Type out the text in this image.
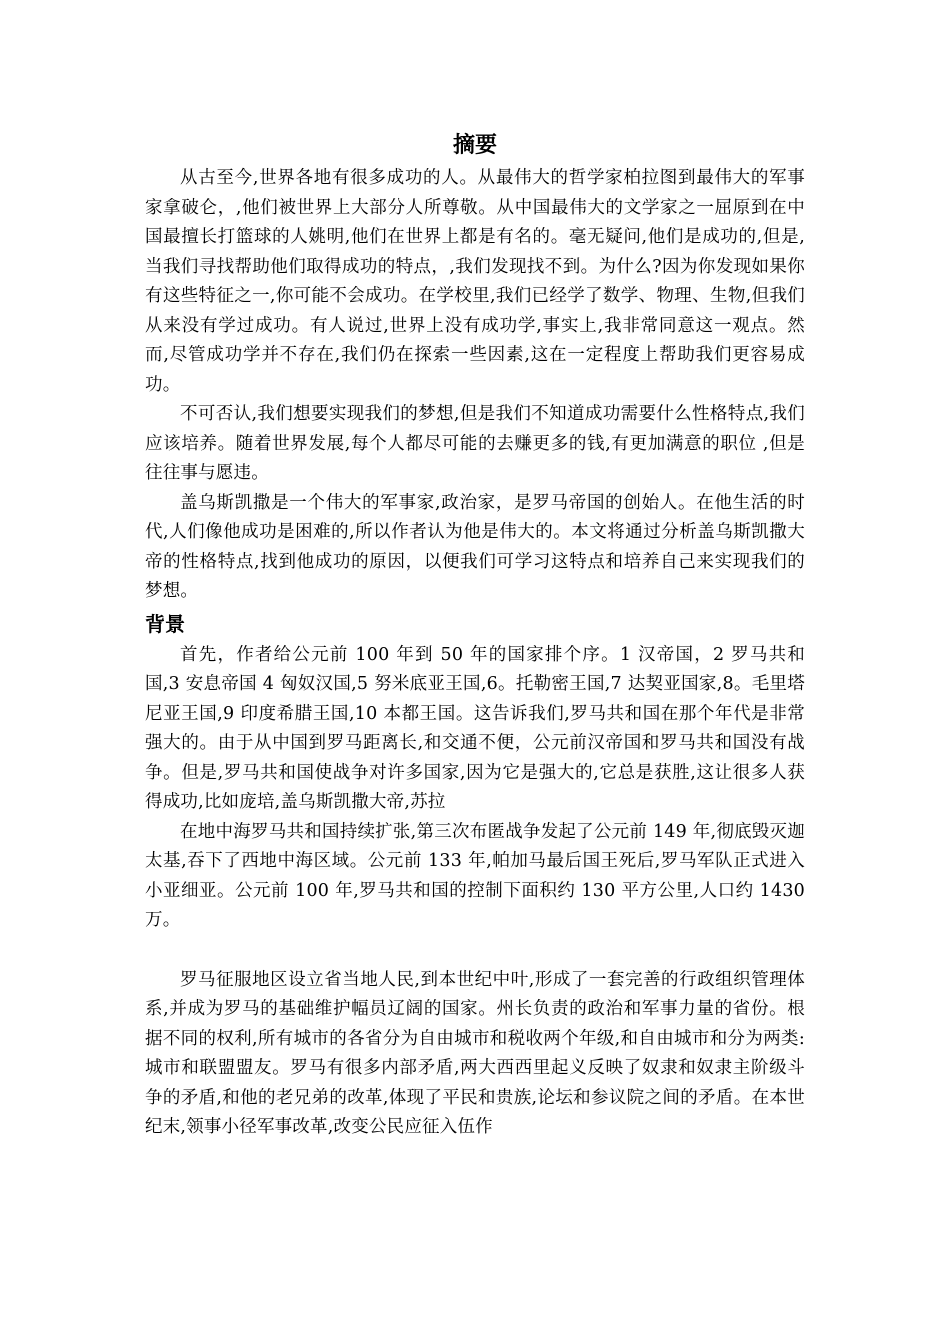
摘要

从古至今,世界各地有很多成功的人。从最伟大的哲学家柏拉图到最伟大的军事家拿破仑，,他们被世界上大部分人所尊敬。从中国最伟大的文学家之一屈原到在中国最擅长打篮球的人姚明,他们在世界上都是有名的。毫无疑问,他们是成功的,但是,当我们寻找帮助他们取得成功的特点，,我们发现找不到。为什么?因为你发现如果你有这些特征之一,你可能不会成功。在学校里,我们已经学了数学、物理、生物,但我们从来没有学过成功。有人说过,世界上没有成功学,事实上,我非常同意这一观点。然而,尽管成功学并不存在,我们仍在探索一些因素,这在一定程度上帮助我们更容易成功。

不可否认,我们想要实现我们的梦想,但是我们不知道成功需要什么性格特点,我们应该培养。随着世界发展,每个人都尽可能的去赚更多的钱,有更加满意的职位 ,但是往往事与愿违。

盖乌斯凯撒是一个伟大的军事家,政治家，是罗马帝国的创始人。在他生活的时代,人们像他成功是困难的,所以作者认为他是伟大的。本文将通过分析盖乌斯凯撒大帝的性格特点,找到他成功的原因，以便我们可学习这特点和培养自己来实现我们的梦想。

背景

首先，作者给公元前 100 年到 50 年的国家排个序。1 汉帝国，2 罗马共和国,3 安息帝国 4 匈奴汉国,5 努米底亚王国,6。托勒密王国,7 达契亚国家,8。毛里塔尼亚王国,9 印度希腊王国,10 本都王国。这告诉我们,罗马共和国在那个年代是非常强大的。由于从中国到罗马距离长,和交通不便，公元前汉帝国和罗马共和国没有战争。但是,罗马共和国使战争对许多国家,因为它是强大的,它总是获胜,这让很多人获得成功,比如庞培,盖乌斯凯撒大帝,苏拉

在地中海罗马共和国持续扩张,第三次布匿战争发起了公元前 149 年,彻底毁灭迦太基,吞下了西地中海区域。公元前 133 年,帕加马最后国王死后,罗马军队正式进入小亚细亚。公元前 100 年,罗马共和国的控制下面积约 130 平方公里,人口约 1430 万。

罗马征服地区设立省当地人民,到本世纪中叶,形成了一套完善的行政组织管理体系,并成为罗马的基础维护幅员辽阔的国家。州长负责的政治和军事力量的省份。根据不同的权利,所有城市的各省分为自由城市和税收两个年级,和自由城市和分为两类:城市和联盟盟友。罗马有很多内部矛盾,两大西西里起义反映了奴隶和奴隶主阶级斗争的矛盾,和他的老兄弟的改革,体现了平民和贵族,论坛和参议院之间的矛盾。在本世纪末,领事小径军事改革,改变公民应征入伍作
